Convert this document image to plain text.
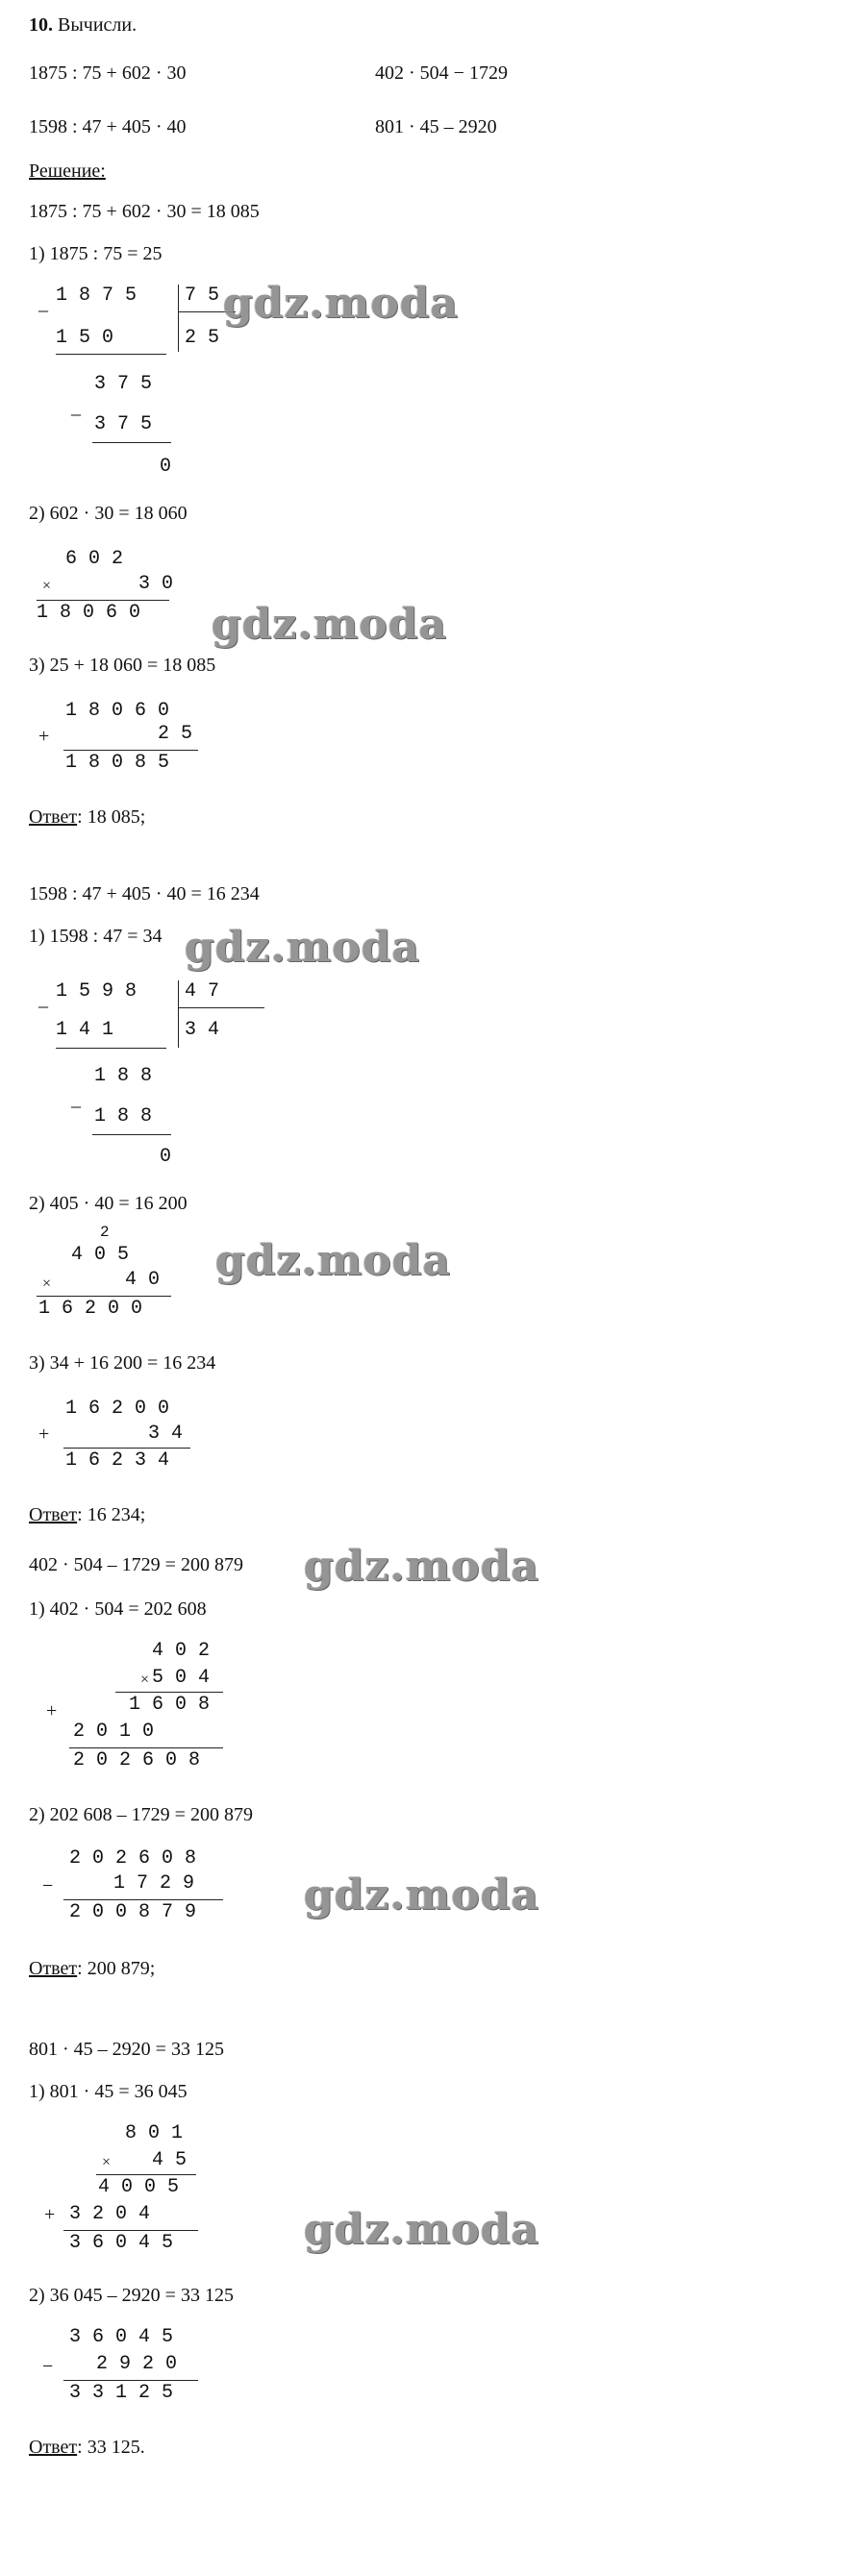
10. Вычисли.
1875 : 75 + 602 · 30	402 · 504 − 1729
1598 : 47 + 405 · 40	801 · 45 – 2920
Решение:
1875 : 75 + 602 · 30 = 18 085
1) 1875 : 75 = 25
_ 1 8 7 5 7 5
1 5 0	2 5
_
3 7 5
3 7 5
0
2) 602 · 30 = 18 060
6 0 2
×	3 0
1 8 0 6 0
3) 25 + 18 060 = 18 085
1 8 0 6 0
+	2 5
1 8 0 8 5
Ответ: 18 085;
1598 : 47 + 405 · 40 = 16 234
1) 1598 : 47 = 34
_ 1 5 9 8 4 7
1 4 1	3 4
_
1 8 8
1 8 8
0
2) 405 · 40 = 16 200
2
4 0 5
×	4 0
1 6 2 0 0
3) 34 + 16 200 = 16 234
1 6 2 0 0
+	3 4
1 6 2 3 4
Ответ: 16 234;
402 · 504 – 1729 = 200 879
1) 402 · 504 = 202 608
4 0 2
× 5 0 4
+	1 6 0 8
2 0 1 0
2 0 2 6 0 8
2) 202 608 – 1729 = 200 879
2 0 2 6 0 8
−	1 7 2 9
2 0 0 8 7 9
Ответ: 200 879;
801 · 45 – 2920 = 33 125
1) 801 · 45 = 36 045
8 0 1
× 4 5
4 0 0 5
+ 3 2 0 4
3 6 0 4 5
2) 36 045 – 2920 = 33 125
3 6 0 4 5
− 2 9 2 0
3 3 1 2 5
Ответ: 33 125.
gdz.moda
gdz.moda
gdz.moda
gdz.moda
gdz.moda
gdz.moda
gdz.moda
